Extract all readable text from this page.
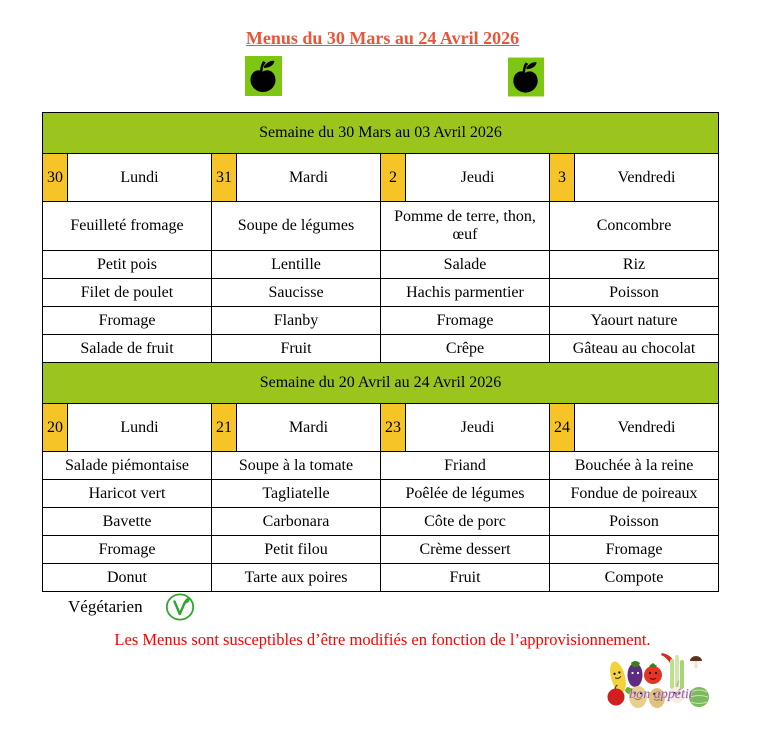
Menus du 30 Mars au 24 Avril 2026
Semaine du 30 Mars au 03 Avril 2026							
30	Lundi	31	Mardi	2	Jeudi	3	Vendredi
Feuilleté fromage		Soupe de légumes		Pomme de terre, thon, œuf		Concombre	
Petit pois		Lentille		Salade		Riz	
Filet de poulet		Saucisse		Hachis parmentier		Poisson	
Fromage		Flanby		Fromage		Yaourt nature	
Salade de fruit		Fruit		Crêpe		Gâteau au chocolat	
Semaine du 20 Avril au 24 Avril 2026							
20	Lundi	21	Mardi	23	Jeudi	24	Vendredi
Salade piémontaise		Soupe à la tomate		Friand		Bouchée à la reine	
Haricot vert		Tagliatelle		Poêlée de légumes		Fondue de poireaux	
Bavette		Carbonara		Côte de porc		Poisson	
Fromage		Petit filou		Crème dessert		Fromage	
Donut		Tarte aux poires		Fruit		Compote	
Végétarien
Les Menus sont susceptibles d’être modifiés en fonction de l’approvisionnement.
bon appétit
